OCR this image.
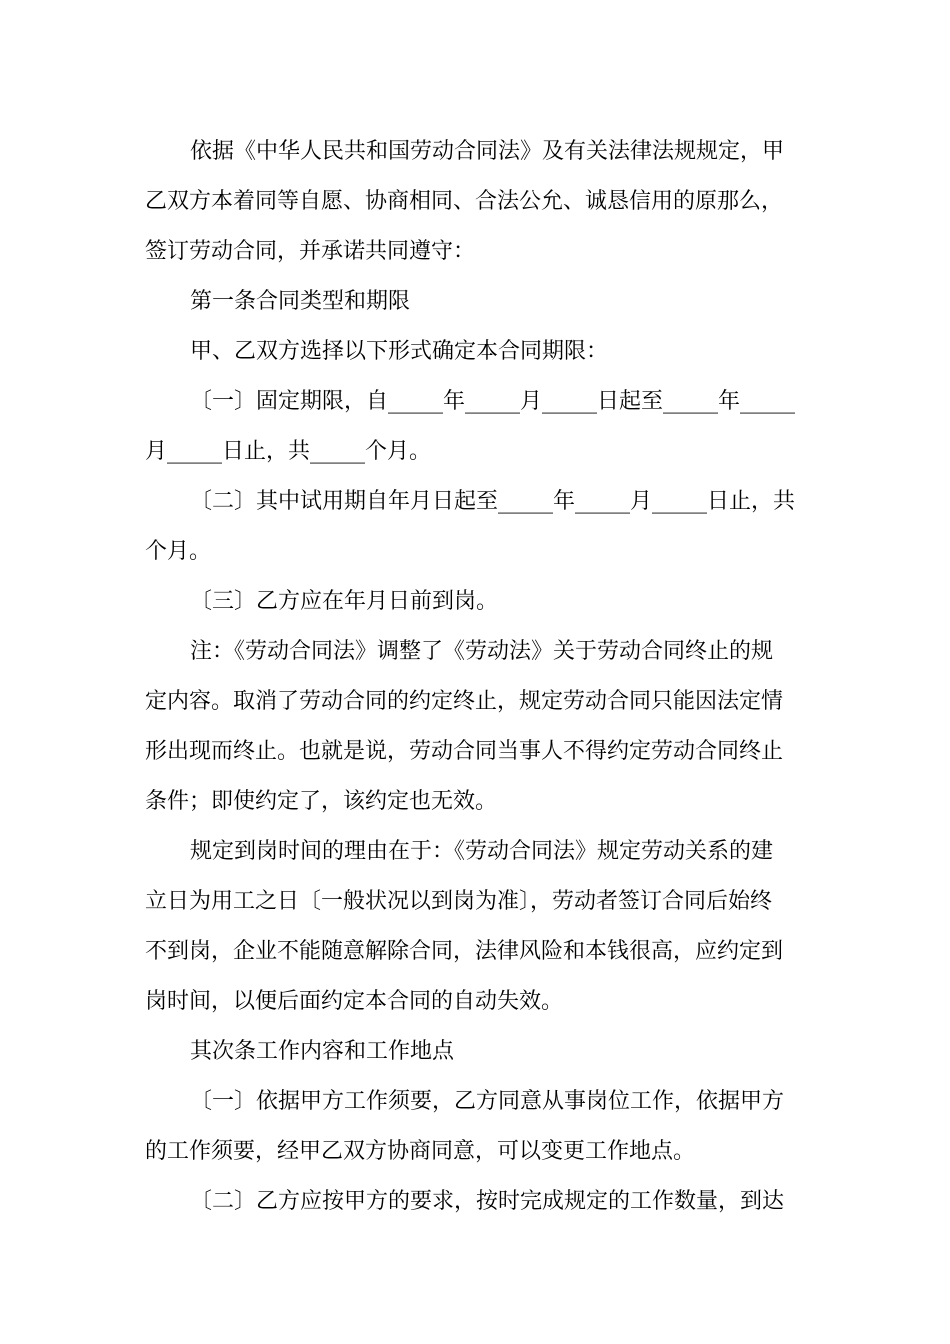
依据《中华人民共和国劳动合同法》及有关法律法规规定，甲
乙双方本着同等自愿、协商相同、合法公允、诚恳信用的原那么，
签订劳动合同，并承诺共同遵守：
第一条合同类型和期限
甲、乙双方选择以下形式确定本合同期限：
〔一〕固定期限，自_____年_____月_____日起至_____年_____
月_____日止，共_____个月。
〔二〕其中试用期自年月日起至_____年_____月_____日止，共
个月。
〔三〕乙方应在年月日前到岗。
注：《劳动合同法》调整了《劳动法》关于劳动合同终止的规
定内容。取消了劳动合同的约定终止，规定劳动合同只能因法定情
形出现而终止。也就是说，劳动合同当事人不得约定劳动合同终止
条件；即使约定了，该约定也无效。
规定到岗时间的理由在于：《劳动合同法》规定劳动关系的建
立日为用工之日〔一般状况以到岗为准〕，劳动者签订合同后始终
不到岗，企业不能随意解除合同，法律风险和本钱很高，应约定到
岗时间，以便后面约定本合同的自动失效。
其次条工作内容和工作地点
〔一〕依据甲方工作须要，乙方同意从事岗位工作，依据甲方
的工作须要，经甲乙双方协商同意，可以变更工作地点。
〔二〕乙方应按甲方的要求，按时完成规定的工作数量，到达
